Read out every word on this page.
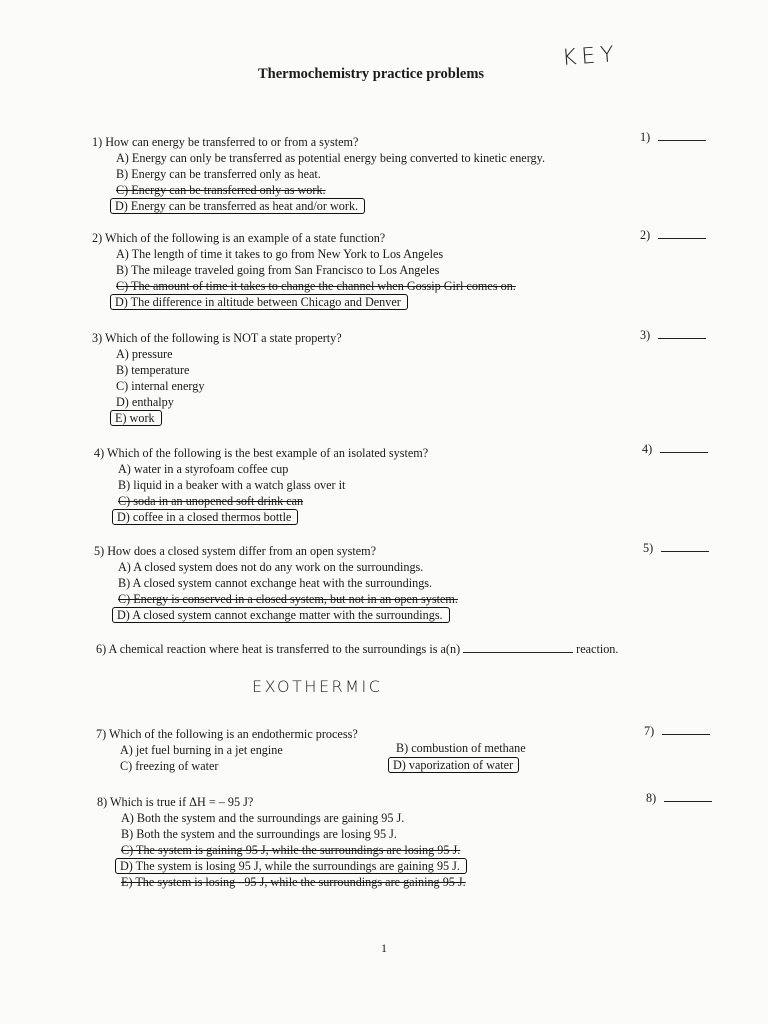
KEY
Thermochemistry practice problems
1) How can energy be transferred to or from a system?
A) Energy can only be transferred as potential energy being converted to kinetic energy.
B) Energy can be transferred only as heat.
C) Energy can be transferred only as work.
D) Energy can be transferred as heat and/or work.
1)
2) Which of the following is an example of a state function?
A) The length of time it takes to go from New York to Los Angeles
B) The mileage traveled going from San Francisco to Los Angeles
C) The amount of time it takes to change the channel when Gossip Girl comes on.
D) The difference in altitude between Chicago and Denver
2)
3) Which of the following is NOT a state property?
A) pressure
B) temperature
C) internal energy
D) enthalpy
E) work
3)
4) Which of the following is the best example of an isolated system?
A) water in a styrofoam coffee cup
B) liquid in a beaker with a watch glass over it
C) soda in an unopened soft drink can
D) coffee in a closed thermos bottle
4)
5) How does a closed system differ from an open system?
A) A closed system does not do any work on the surroundings.
B) A closed system cannot exchange heat with the surroundings.
C) Energy is conserved in a closed system, but not in an open system.
D) A closed system cannot exchange matter with the surroundings.
5)
6) A chemical reaction where heat is transferred to the surroundings is a(n)	reaction.
EXOTHERMIC
7) Which of the following is an endothermic process?
A) jet fuel burning in a jet engine	B) combustion of methane
C) freezing of water	D) vaporization of water
7)
8) Which is true if ΔH = – 95 J?
A) Both the system and the surroundings are gaining 95 J.
B) Both the system and the surroundings are losing 95 J.
C) The system is gaining 95 J, while the surroundings are losing 95 J.
D) The system is losing 95 J, while the surroundings are gaining 95 J.
E) The system is losing –95 J, while the surroundings are gaining 95 J.
8)
1
